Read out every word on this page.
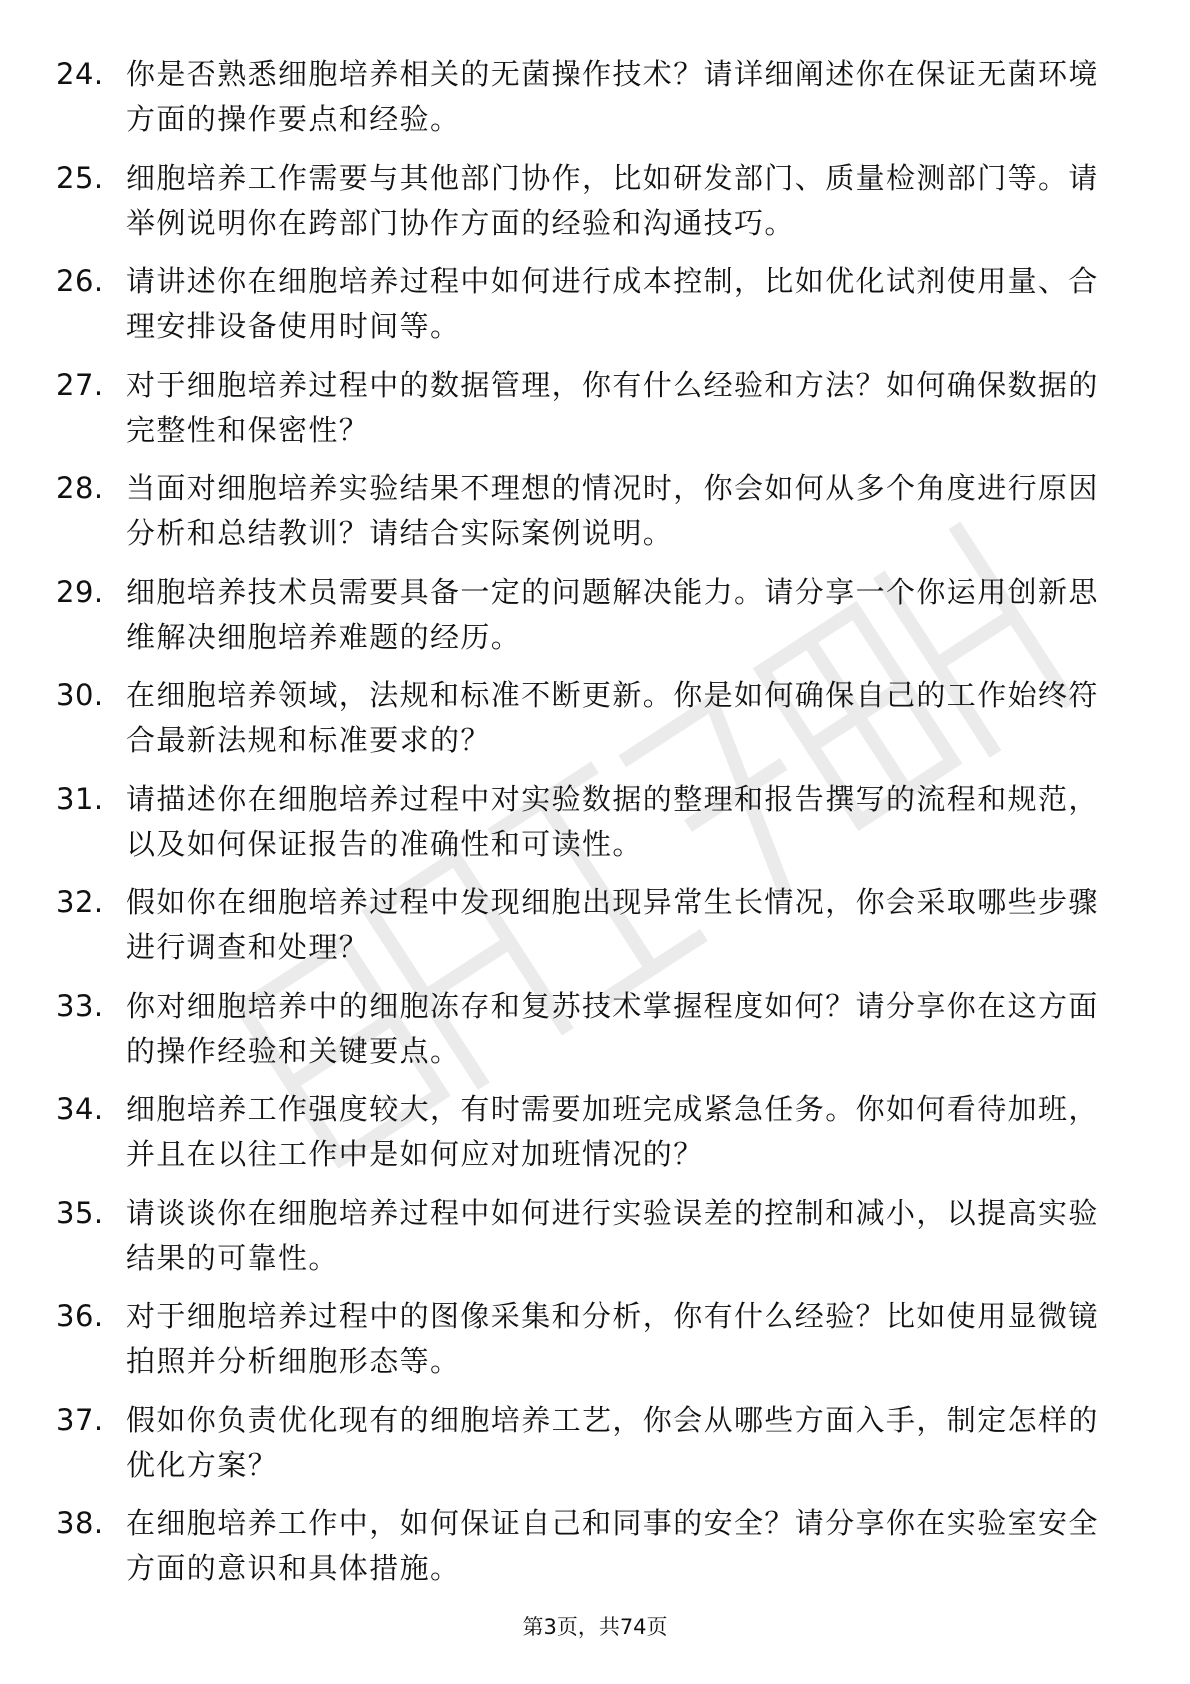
24. 你是否熟悉细胞培养相关的无菌操作技术？请详细阐述你在保证无菌环境方面的操作要点和经验。
25. 细胞培养工作需要与其他部门协作，比如研发部门、质量检测部门等。请举例说明你在跨部门协作方面的经验和沟通技巧。
26. 请讲述你在细胞培养过程中如何进行成本控制，比如优化试剂使用量、合理安排设备使用时间等。
27. 对于细胞培养过程中的数据管理，你有什么经验和方法？如何确保数据的完整性和保密性？
28. 当面对细胞培养实验结果不理想的情况时，你会如何从多个角度进行原因分析和总结教训？请结合实际案例说明。
29. 细胞培养技术员需要具备一定的问题解决能力。请分享一个你运用创新思维解决细胞培养难题的经历。
30. 在细胞培养领域，法规和标准不断更新。你是如何确保自己的工作始终符合最新法规和标准要求的？
31. 请描述你在细胞培养过程中对实验数据的整理和报告撰写的流程和规范，以及如何保证报告的准确性和可读性。
32. 假如你在细胞培养过程中发现细胞出现异常生长情况，你会采取哪些步骤进行调查和处理？
33. 你对细胞培养中的细胞冻存和复苏技术掌握程度如何？请分享你在这方面的操作经验和关键要点。
34. 细胞培养工作强度较大，有时需要加班完成紧急任务。你如何看待加班，并且在以往工作中是如何应对加班情况的？
35. 请谈谈你在细胞培养过程中如何进行实验误差的控制和减小，以提高实验结果的可靠性。
36. 对于细胞培养过程中的图像采集和分析，你有什么经验？比如使用显微镜拍照并分析细胞形态等。
37. 假如你负责优化现有的细胞培养工艺，你会从哪些方面入手，制定怎样的优化方案？
38. 在细胞培养工作中，如何保证自己和同事的安全？请分享你在实验室安全方面的意识和具体措施。
第3页，共74页
